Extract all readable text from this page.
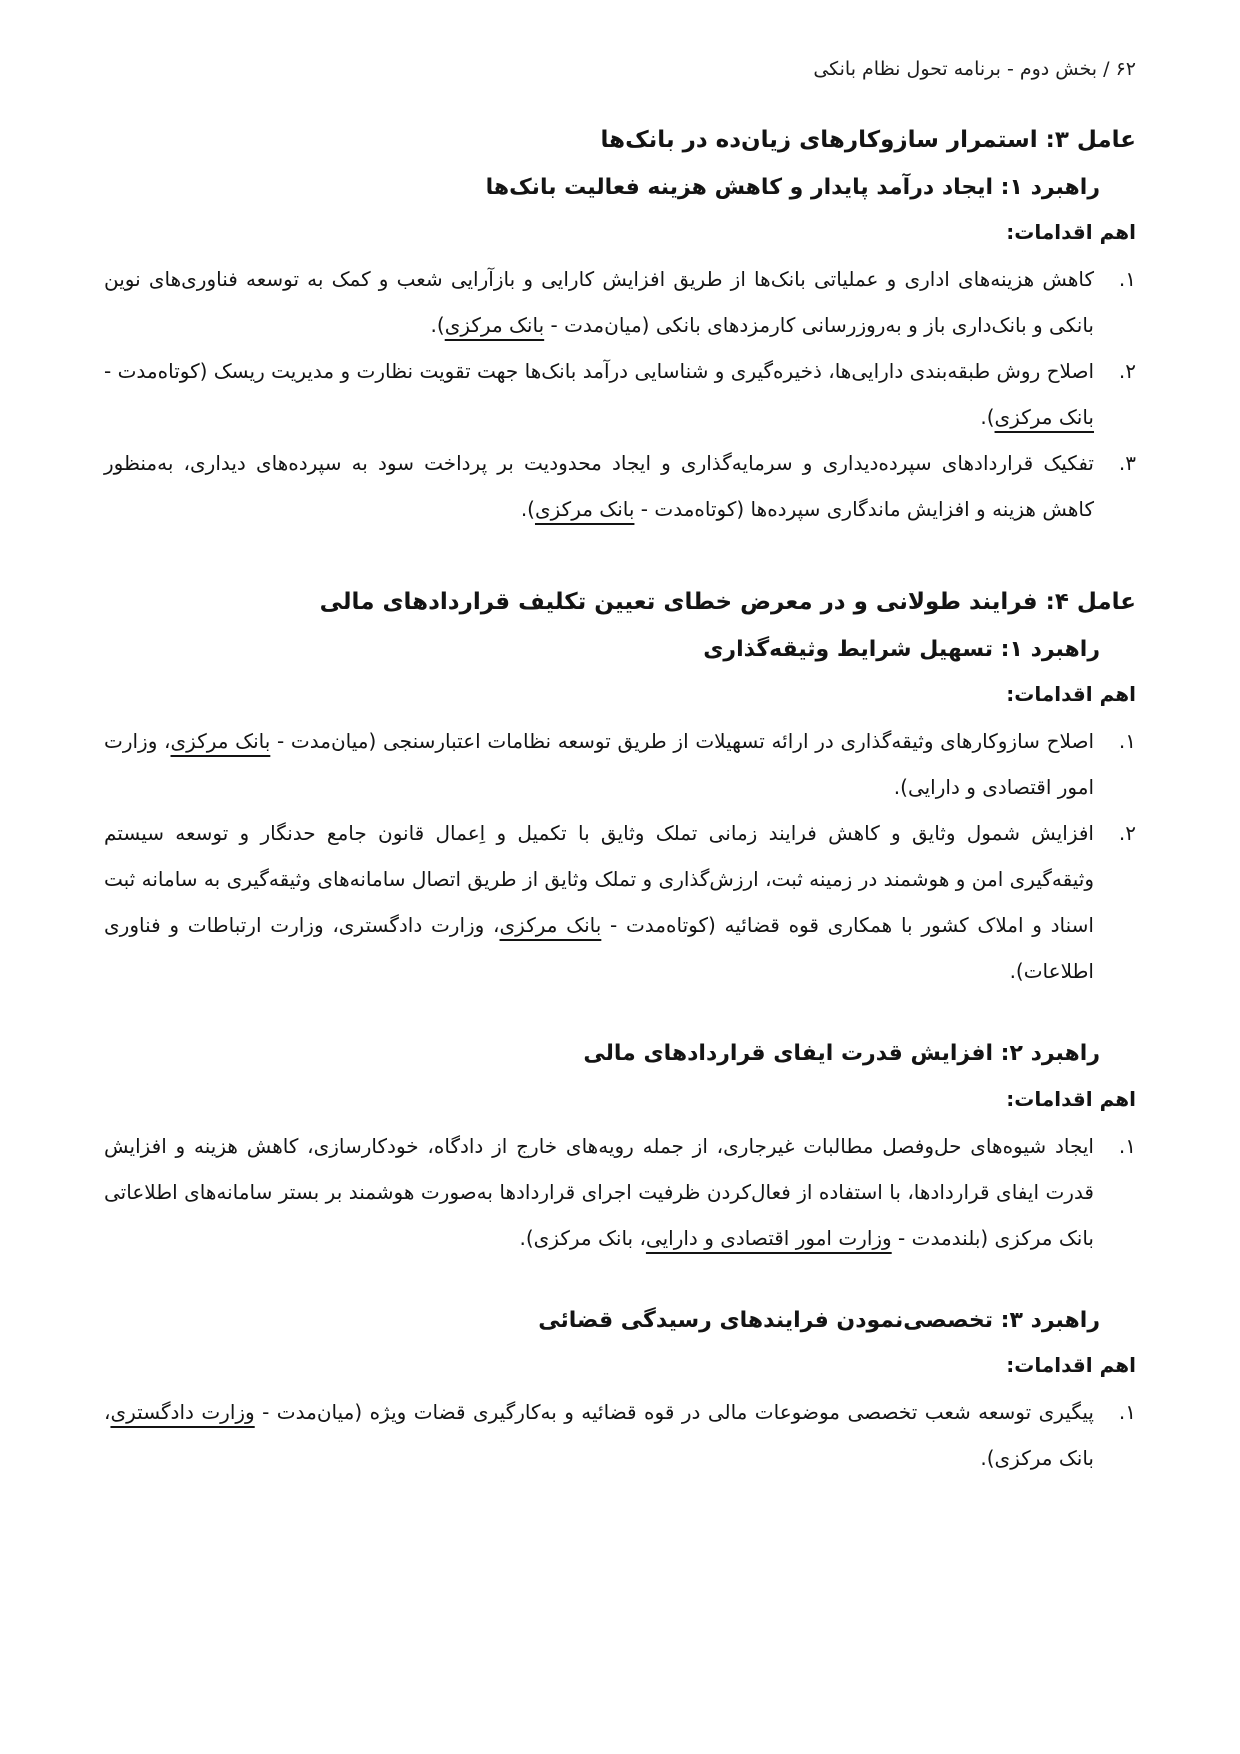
۶۲ / بخش دوم - برنامه تحول نظام بانکی
عامل ۳: استمرار سازوکارهای زیان‌ده در بانک‌ها
راهبرد ۱: ایجاد درآمد پایدار و کاهش هزینه فعالیت بانک‌ها
اهم اقدامات:

۱.
کاهش هزینه‌های اداری و عملیاتی بانک‌ها از طریق افزایش کارایی و بازآرایی شعب و کمک به توسعه فناوری‌های نوین بانکی و بانک‌داری باز و به‌روزرسانی کارمزدهای بانکی (میان‌مدت - بانک مرکزی).

۲.
اصلاح روش طبقه‌بندی دارایی‌ها، ذخیره‌گیری و شناسایی درآمد بانک‌ها جهت تقویت نظارت و مدیریت ریسک (کوتاه‌مدت - بانک مرکزی).

۳.
تفکیک قراردادهای سپرده‌دیداری و سرمایه‌گذاری و ایجاد محدودیت بر پرداخت سود به سپرده‌های دیداری، به‌منظور کاهش هزینه و افزایش ماندگاری سپرده‌ها (کوتاه‌مدت - بانک مرکزی).

عامل ۴: فرایند طولانی و در معرض خطای تعیین تکلیف قراردادهای مالی
راهبرد ۱: تسهیل شرایط وثیقه‌گذاری
اهم اقدامات:

۱.
اصلاح سازوکارهای وثیقه‌گذاری در ارائه تسهیلات از طریق توسعه نظامات اعتبارسنجی (میان‌مدت - بانک مرکزی، وزارت امور اقتصادی و دارایی).

۲.
افزایش شمول وثایق و کاهش فرایند زمانی تملک وثایق با تکمیل و اِعمال قانون جامع حدنگار و توسعه سیستم وثیقه‌گیری امن و هوشمند در زمینه ثبت، ارزش‌گذاری و تملک وثایق از طریق اتصال سامانه‌های وثیقه‌گیری به سامانه ثبت اسناد و املاک کشور با همکاری قوه قضائیه (کوتاه‌مدت - بانک مرکزی، وزارت دادگستری، وزارت ارتباطات و فناوری اطلاعات).

راهبرد ۲: افزایش قدرت ایفای قراردادهای مالی
اهم اقدامات:

۱.
ایجاد شیوه‌های حل‌وفصل مطالبات غیرجاری، از جمله رویه‌های خارج از دادگاه، خودکارسازی، کاهش هزینه و افزایش قدرت ایفای قراردادها، با استفاده از فعال‌کردن ظرفیت اجرای قراردادها به‌صورت هوشمند بر بستر سامانه‌های اطلاعاتی بانک مرکزی (بلندمدت - وزارت امور اقتصادی و دارایی، بانک مرکزی).

راهبرد ۳: تخصصی‌نمودن فرایندهای رسیدگی قضائی
اهم اقدامات:

۱.
پیگیری توسعه شعب تخصصی موضوعات مالی در قوه قضائیه و به‌کارگیری قضات ویژه (میان‌مدت - وزارت دادگستری، بانک مرکزی).
